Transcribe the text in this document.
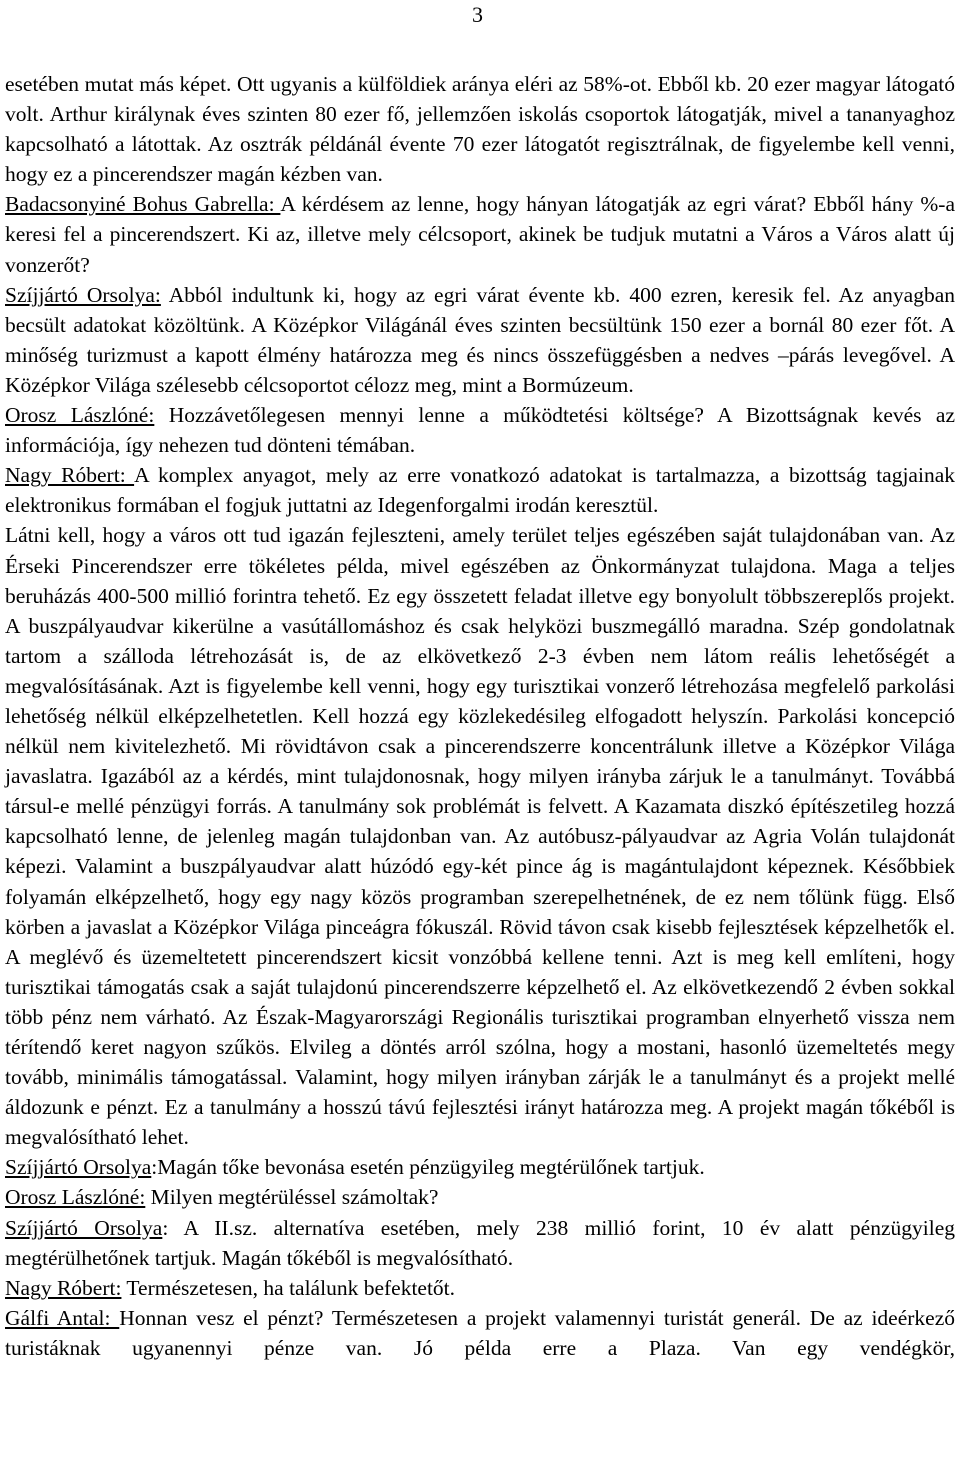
3

esetében mutat más képet. Ott ugyanis a külföldiek aránya eléri az 58%-ot. Ebből kb. 20 ezer magyar látogató volt. Arthur királynak éves szinten 80 ezer fő, jellemzően iskolás csoportok látogatják, mivel a tananyaghoz kapcsolható a látottak. Az osztrák példánál évente 70 ezer látogatót regisztrálnak, de figyelembe kell venni, hogy ez a pincerendszer magán kézben van.

Badacsonyiné Bohus Gabrella: A kérdésem az lenne, hogy hányan látogatják az egri várat? Ebből hány %-a keresi fel a pincerendszert. Ki az, illetve mely célcsoport, akinek be tudjuk mutatni a Város a Város alatt új vonzerőt?

Szíjjártó Orsolya: Abból indultunk ki, hogy az egri várat évente kb. 400 ezren, keresik fel. Az anyagban becsült adatokat közöltünk. A Középkor Világánál éves szinten becsültünk 150 ezer a bornál 80 ezer főt. A minőség turizmust a kapott élmény határozza meg és nincs összefüggésben a nedves –párás levegővel. A Középkor Világa szélesebb célcsoportot célozz meg, mint a Bormúzeum.

Orosz Lászlóné: Hozzávetőlegesen mennyi lenne a működtetési költsége? A Bizottságnak kevés az információja, így nehezen tud dönteni témában.

Nagy Róbert: A komplex anyagot, mely az erre vonatkozó adatokat is tartalmazza, a bizottság tagjainak elektronikus formában el fogjuk juttatni az Idegenforgalmi irodán keresztül.

Látni kell, hogy a város ott tud igazán fejleszteni, amely terület teljes egészében saját tulajdonában van. Az Érseki Pincerendszer erre tökéletes példa, mivel egészében az Önkormányzat tulajdona. Maga a teljes beruházás 400-500 millió forintra tehető. Ez egy összetett feladat illetve egy bonyolult többszereplős projekt. A buszpályaudvar kikerülne a vasútállomáshoz és csak helyközi buszmegálló maradna. Szép gondolatnak tartom a szálloda létrehozását is, de az elkövetkező 2-3 évben nem látom reális lehetőségét a megvalósításának. Azt is figyelembe kell venni, hogy egy turisztikai vonzerő létrehozása megfelelő parkolási lehetőség nélkül elképzelhetetlen. Kell hozzá egy közlekedésileg elfogadott helyszín. Parkolási koncepció nélkül nem kivitelezhető. Mi rövidtávon csak a pincerendszerre koncentrálunk illetve a Középkor Világa javaslatra. Igazából az a kérdés, mint tulajdonosnak, hogy milyen irányba zárjuk le a tanulmányt. Továbbá társul-e mellé pénzügyi forrás. A tanulmány sok problémát is felvett. A Kazamata diszkó építészetileg hozzá kapcsolható lenne, de jelenleg magán tulajdonban van. Az autóbusz-pályaudvar az Agria Volán tulajdonát képezi. Valamint a buszpályaudvar alatt húzódó egy-két pince ág is magántulajdont képeznek. Későbbiek folyamán elképzelhető, hogy egy nagy közös programban szerepelhetnének, de ez nem tőlünk függ. Első körben a javaslat a Középkor Világa pinceágra fókuszál. Rövid távon csak kisebb fejlesztések képzelhetők el. A meglévő és üzemeltetett pincerendszert kicsit vonzóbbá kellene tenni. Azt is meg kell említeni, hogy turisztikai támogatás csak a saját tulajdonú pincerendszerre képzelhető el. Az elkövetkezendő 2 évben sokkal több pénz nem várható. Az Észak-Magyarországi Regionális turisztikai programban elnyerhető vissza nem térítendő keret nagyon szűkös. Elvileg a döntés arról szólna, hogy a mostani, hasonló üzemeltetés megy tovább, minimális támogatással. Valamint, hogy milyen irányban zárják le a tanulmányt és a projekt mellé áldozunk e pénzt. Ez a tanulmány a hosszú távú fejlesztési irányt határozza meg. A projekt magán tőkéből is megvalósítható lehet.

Szíjjártó Orsolya:Magán tőke bevonása esetén pénzügyileg megtérülőnek tartjuk.

Orosz Lászlóné: Milyen megtérüléssel számoltak?

Szíjjártó Orsolya: A II.sz. alternatíva esetében, mely 238 millió forint, 10 év alatt pénzügyileg megtérülhetőnek tartjuk. Magán tőkéből is megvalósítható.

Nagy Róbert: Természetesen, ha találunk befektetőt.

Gálfi Antal: Honnan vesz el pénzt? Természetesen a projekt valamennyi turistát generál. De az ideérkező turistáknak ugyanennyi pénze van. Jó példa erre a Plaza. Van egy vendégkör,
